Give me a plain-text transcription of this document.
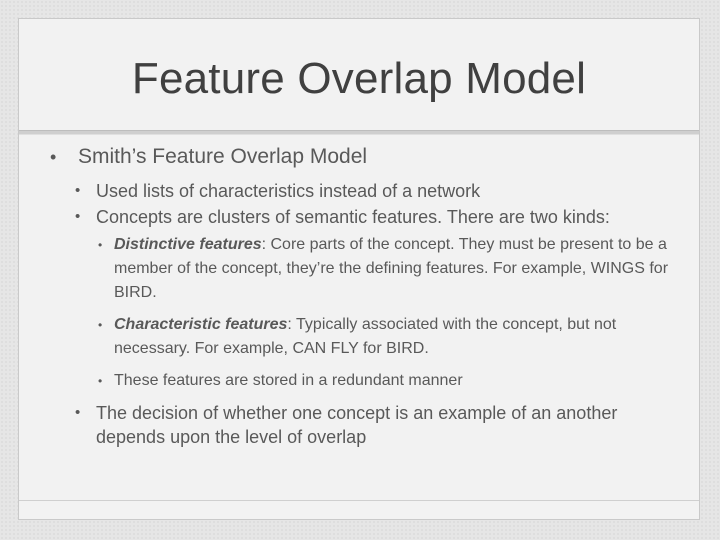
Feature Overlap Model
• Smith’s Feature Overlap Model
• Used lists of characteristics instead of a network
• Concepts are clusters of semantic features. There are two kinds:
• Distinctive features: Core parts of the concept. They must be present to be a member of the concept, they’re the defining features. For example, WINGS for BIRD.
• Characteristic features: Typically associated with the concept, but not necessary. For example, CAN FLY for BIRD.
• These features are stored in a redundant manner
• The decision of whether one concept is an example of an another depends upon the level of overlap
